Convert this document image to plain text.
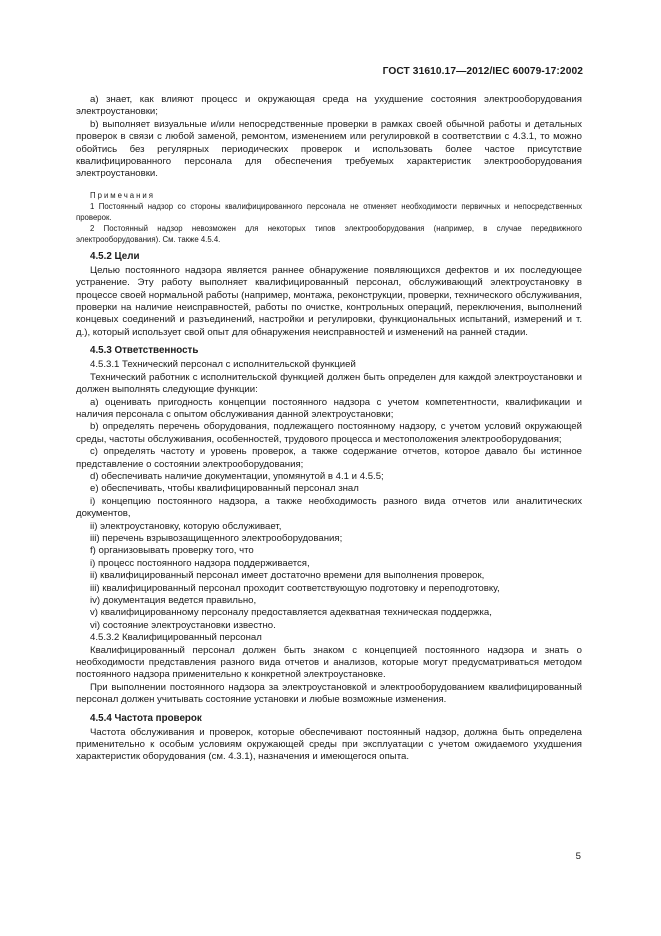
ГОСТ 31610.17—2012/IEC 60079-17:2002

a) знает, как влияют процесс и окружающая среда на ухудшение состояния электрооборудования электроустановки;

b) выполняет визуальные и/или непосредственные проверки в рамках своей обычной работы и детальных проверок в связи с любой заменой, ремонтом, изменением или регулировкой в соответствии с 4.3.1, то можно обойтись без регулярных периодических проверок и использовать более частое присутствие квалифицированного персонала для обеспечения требуемых характеристик электрооборудования электроустановки.

Примечания

1 Постоянный надзор со стороны квалифицированного персонала не отменяет необходимости первичных и непосредственных проверок.

2 Постоянный надзор невозможен для некоторых типов электрооборудования (например, в случае передвижного электрооборудования). См. также 4.5.4.

4.5.2 Цели

Целью постоянного надзора является раннее обнаружение появляющихся дефектов и их последующее устранение. Эту работу выполняет квалифицированный персонал, обслуживающий электроустановку в процессе своей нормальной работы (например, монтажа, реконструкции, проверки, технического обслуживания, проверки на наличие неисправностей, работы по очистке, контрольных операций, переключения, выполнений концевых соединений и разъединений, настройки и регулировки, функциональных испытаний, измерений и т. д.), который использует свой опыт для обнаружения неисправностей и изменений на ранней стадии.

4.5.3 Ответственность

4.5.3.1 Технический персонал с исполнительской функцией

Технический работник с исполнительской функцией должен быть определен для каждой электроустановки и должен выполнять следующие функции:

a) оценивать пригодность концепции постоянного надзора с учетом компетентности, квалификации и наличия персонала с опытом обслуживания данной электроустановки;

b) определять перечень оборудования, подлежащего постоянному надзору, с учетом условий окружающей среды, частоты обслуживания, особенностей, трудового процесса и местоположения электрооборудования;

c) определять частоту и уровень проверок, а также содержание отчетов, которое давало бы истинное представление о состоянии электрооборудования;

d) обеспечивать наличие документации, упомянутой в 4.1 и 4.5.5;

e) обеспечивать, чтобы квалифицированный персонал знал

i) концепцию постоянного надзора, а также необходимость разного вида отчетов или аналитических документов,

ii) электроустановку, которую обслуживает,

iii) перечень взрывозащищенного электрооборудования;

f) организовывать проверку того, что

i) процесс постоянного надзора поддерживается,

ii) квалифицированный персонал имеет достаточно времени для выполнения проверок,

iii) квалифицированный персонал проходит соответствующую подготовку и переподготовку,

iv) документация ведется правильно,

v) квалифицированному персоналу предоставляется адекватная техническая поддержка,

vi) состояние электроустановки известно.

4.5.3.2 Квалифицированный персонал

Квалифицированный персонал должен быть знаком с концепцией постоянного надзора и знать о необходимости представления разного вида отчетов и анализов, которые могут предусматриваться методом постоянного надзора применительно к конкретной электроустановке.

При выполнении постоянного надзора за электроустановкой и электрооборудованием квалифицированный персонал должен учитывать состояние установки и любые возможные изменения.

4.5.4 Частота проверок

Частота обслуживания и проверок, которые обеспечивают постоянный надзор, должна быть определена применительно к особым условиям окружающей среды при эксплуатации с учетом ожидаемого ухудшения характеристик оборудования (см. 4.3.1), назначения и имеющегося опыта.

5
